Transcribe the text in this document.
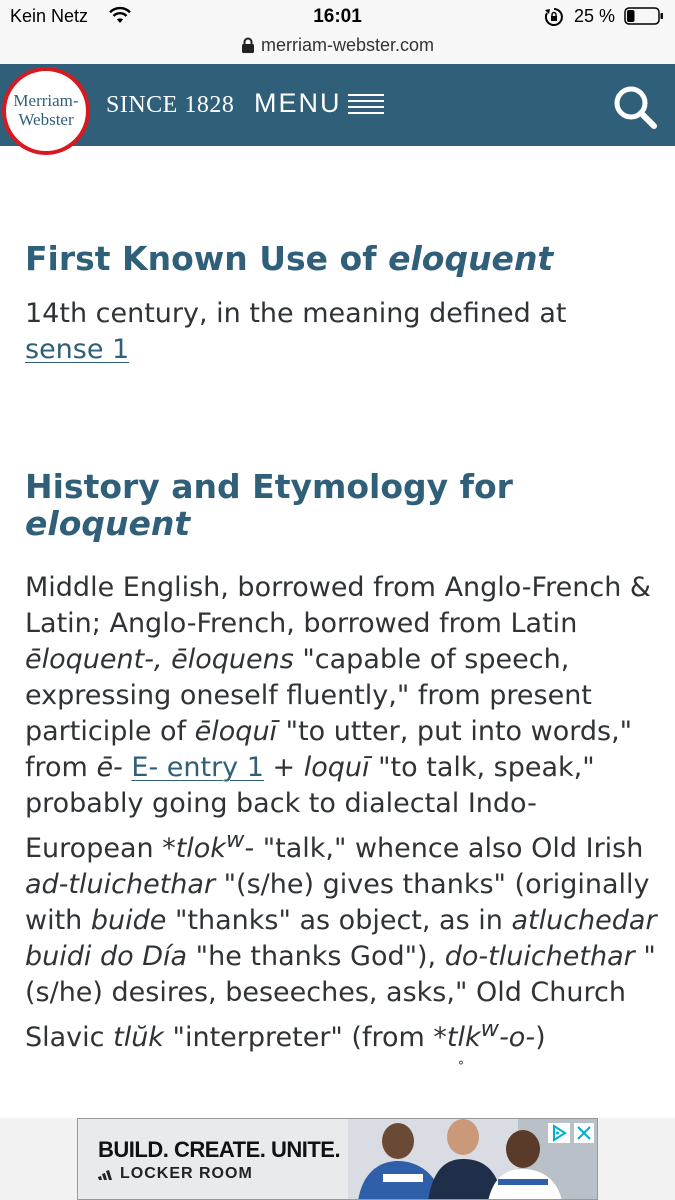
Kein Netz	16:01	25 %
merriam-webster.com
Merriam-
Webster
SINCE 1828 MENU
First Known Use of eloquent
14th century, in the meaning defined at
sense 1
History and Etymology for
eloquent
Middle English, borrowed from Anglo-French & Latin; Anglo-French, borrowed from Latin ēloquent-, ēloquens "capable of speech, expressing oneself fluently," from present participle of ēloquī "to utter, put into words," from ē- E- entry 1 + loquī "to talk, speak," probably going back to dialectal Indo-European *tlok$^w$- "talk," whence also Old Irish ad-tluichethar "(s/he) gives thanks" (originally with buide "thanks" as object, as in atluchedar buidi do Día "he thanks God"), do-tluichethar "(s/he) desires, beseeches, asks," Old Church Slavic tlŭk "interpreter" (from *tl
˳
$k^w-o-$)
BUILD. CREATE. UNITE.
LOCKER ROOM
